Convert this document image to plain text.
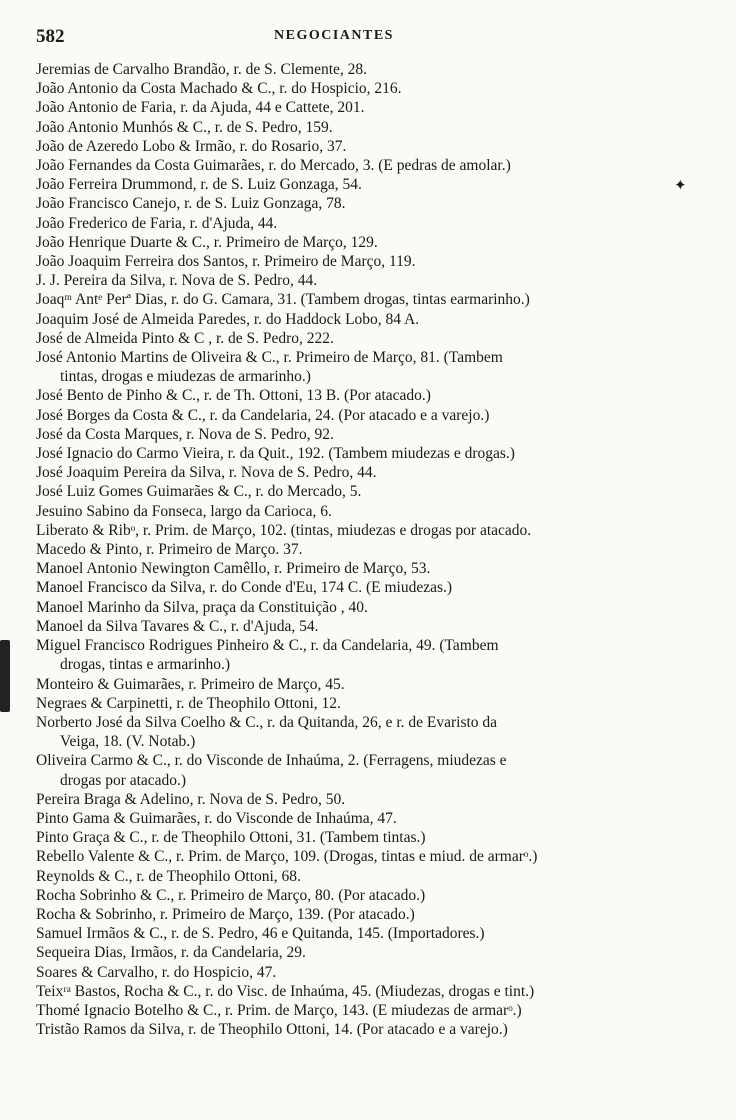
582	NEGOCIANTES
✦
Jeremias de Carvalho Brandão, r. de S. Clemente, 28.
João Antonio da Costa Machado & C., r. do Hospicio, 216.
João Antonio de Faria, r. da Ajuda, 44 e Cattete, 201.
João Antonio Munhós & C., r. de S. Pedro, 159.
João de Azeredo Lobo & Irmão, r. do Rosario, 37.
João Fernandes da Costa Guimarães, r. do Mercado, 3. (E pedras de amolar.)
João Ferreira Drummond, r. de S. Luiz Gonzaga, 54.
João Francisco Canejo, r. de S. Luiz Gonzaga, 78.
João Frederico de Faria, r. d'Ajuda, 44.
João Henrique Duarte & C., r. Primeiro de Março, 129.
João Joaquim Ferreira dos Santos, r. Primeiro de Março, 119.
J. J. Pereira da Silva, r. Nova de S. Pedro, 44.
Joaqᵐ Antᵉ Perª Dias, r. do G. Camara, 31. (Tambem drogas, tintas earmarinho.)
Joaquim José de Almeida Paredes, r. do Haddock Lobo, 84 A.
José de Almeida Pinto & C , r. de S. Pedro, 222.
José Antonio Martins de Oliveira & C., r. Primeiro de Março, 81. (Tambem
tintas, drogas e miudezas de armarinho.)
José Bento de Pinho & C., r. de Th. Ottoni, 13 B. (Por atacado.)
José Borges da Costa & C., r. da Candelaria, 24. (Por atacado e a varejo.)
José da Costa Marques, r. Nova de S. Pedro, 92.
José Ignacio do Carmo Vieira, r. da Quit., 192. (Tambem miudezas e drogas.)
José Joaquim Pereira da Silva, r. Nova de S. Pedro, 44.
José Luiz Gomes Guimarães & C., r. do Mercado, 5.
Jesuino Sabino da Fonseca, largo da Carioca, 6.
Liberato & Ribᵒ, r. Prim. de Março, 102. (tintas, miudezas e drogas por atacado.
Macedo & Pinto, r. Primeiro de Março. 37.
Manoel Antonio Newington Camêllo, r. Primeiro de Março, 53.
Manoel Francisco da Silva, r. do Conde d'Eu, 174 C. (E miudezas.)
Manoel Marinho da Silva, praça da Constituição , 40.
Manoel da Silva Tavares & C., r. d'Ajuda, 54.
Miguel Francisco Rodrigues Pinheiro & C., r. da Candelaria, 49. (Tambem
drogas, tintas e armarinho.)
Monteiro & Guimarães, r. Primeiro de Março, 45.
Negraes & Carpinetti, r. de Theophilo Ottoni, 12.
Norberto José da Silva Coelho & C., r. da Quitanda, 26, e r. de Evaristo da
Veiga, 18. (V. Notab.)
Oliveira Carmo & C., r. do Visconde de Inhaúma, 2. (Ferragens, miudezas e
drogas por atacado.)
Pereira Braga & Adelino, r. Nova de S. Pedro, 50.
Pinto Gama & Guimarães, r. do Visconde de Inhaúma, 47.
Pinto Graça & C., r. de Theophilo Ottoni, 31. (Tambem tintas.)
Rebello Valente & C., r. Prim. de Março, 109. (Drogas, tintas e miud. de armarᵒ.)
Reynolds & C., r. de Theophilo Ottoni, 68.
Rocha Sobrinho & C., r. Primeiro de Março, 80. (Por atacado.)
Rocha & Sobrinho, r. Primeiro de Março, 139. (Por atacado.)
Samuel Irmãos & C., r. de S. Pedro, 46 e Quitanda, 145. (Importadores.)
Sequeira Dias, Irmãos, r. da Candelaria, 29.
Soares & Carvalho, r. do Hospicio, 47.
Teixʳᵃ Bastos, Rocha & C., r. do Visc. de Inhaúma, 45. (Miudezas, drogas e tint.)
Thomé Ignacio Botelho & C., r. Prim. de Março, 143. (E miudezas de armarᵒ.)
Tristão Ramos da Silva, r. de Theophilo Ottoni, 14. (Por atacado e a varejo.)
